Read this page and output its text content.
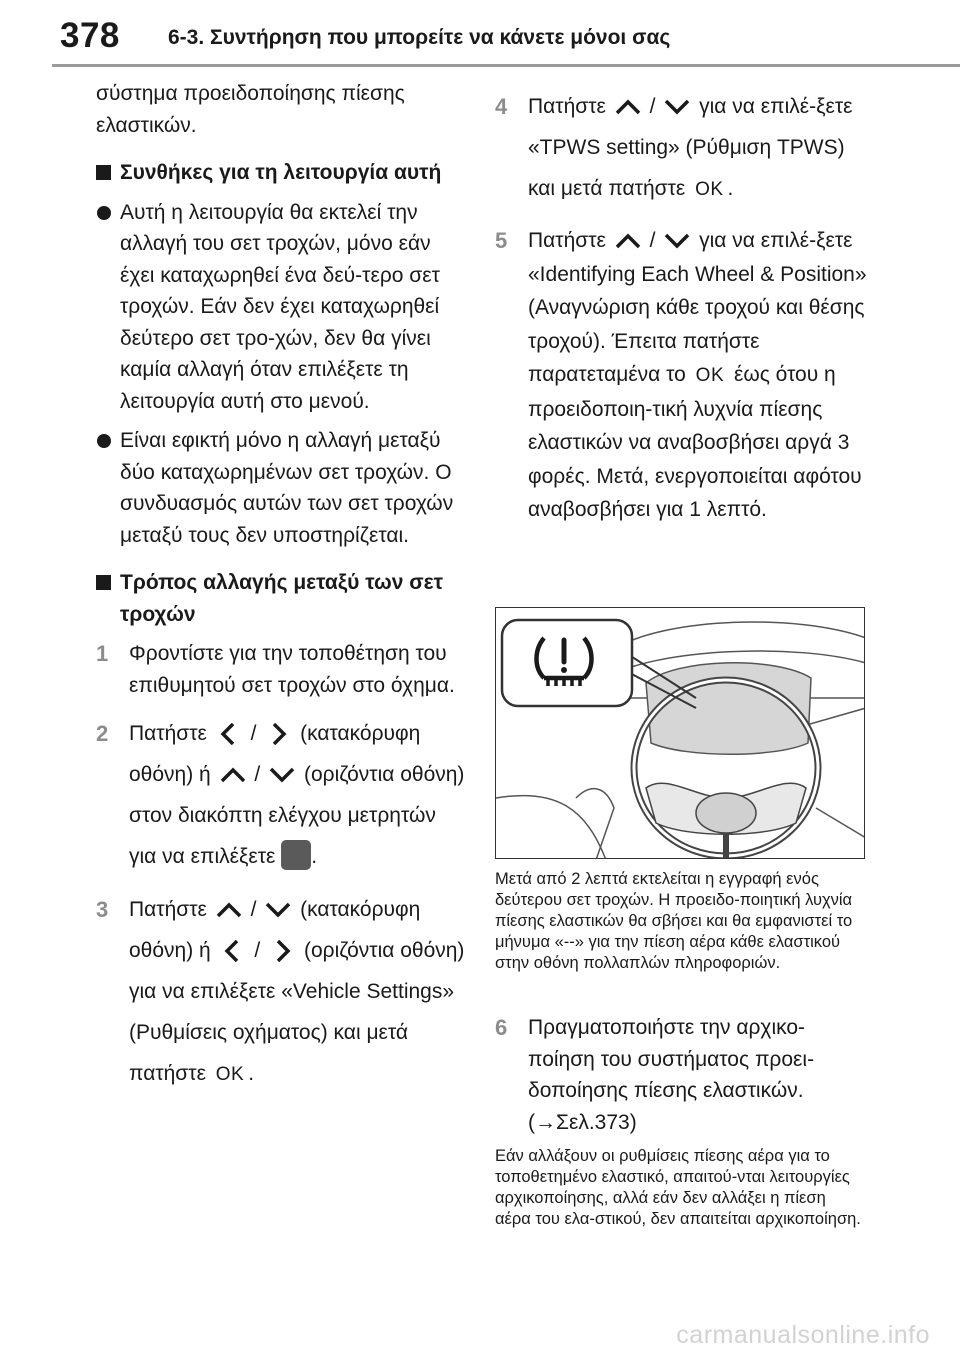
378 6-3. Συντήρηση που μπορείτε να κάνετε μόνοι σας

σύστημα προειδοποίησης πίεσης ελαστικών.

Συνθήκες για τη λειτουργία αυτή

Αυτή η λειτουργία θα εκτελεί την αλλαγή του σετ τροχών, μόνο εάν έχει καταχωρηθεί ένα δεύ-τερο σετ τροχών. Εάν δεν έχει καταχωρηθεί δεύτερο σετ τρο-χών, δεν θα γίνει καμία αλλαγή όταν επιλέξετε τη λειτουργία αυτή στο μενού.

Είναι εφικτή μόνο η αλλαγή μεταξύ δύο καταχωρημένων σετ τροχών. Ο συνδυασμός αυτών των σετ τροχών μεταξύ τους δεν υποστηρίζεται.

Τρόπος αλλαγής μεταξύ των σετ τροχών

1 Φροντίστε για την τοποθέτηση του επιθυμητού σετ τροχών στο όχημα.

2 Πατήστε / (κατακόρυφη οθόνη) ή / (οριζόντια οθόνη) στον διακόπτη ελέγχου μετρητών για να επιλέξετε .

3 Πατήστε / (κατακόρυφη οθόνη) ή / (οριζόντια οθόνη) για να επιλέξετε «Vehicle Settings» (Ρυθμίσεις οχήματος) και μετά πατήστε OK .

4 Πατήστε / για να επιλέ-ξετε «TPWS setting» (Ρύθμιση TPWS) και μετά πατήστε OK .

5 Πατήστε / για να επιλέ-ξετε «Identifying Each Wheel & Position» (Αναγνώριση κάθε τροχού και θέσης τροχού). Έπειτα πατήστε παρατεταμένα το OK έως ότου η προειδοποιη-τική λυχνία πίεσης ελαστικών να αναβοσβήσει αργά 3 φορές. Μετά, ενεργοποιείται αφότου αναβοσβήσει για 1 λεπτό.

Μετά από 2 λεπτά εκτελείται η εγγραφή ενός δεύτερου σετ τροχών. Η προειδο-ποιητική λυχνία πίεσης ελαστικών θα σβήσει και θα εμφανιστεί το μήνυμα «--» για την πίεση αέρα κάθε ελαστικού στην οθόνη πολλαπλών πληροφοριών.

6 Πραγματοποιήστε την αρχικο-ποίηση του συστήματος προει-δοποίησης πίεσης ελαστικών.
(→Σελ.373)

Εάν αλλάξουν οι ρυθμίσεις πίεσης αέρα για το τοποθετημένο ελαστικό, απαιτού-νται λειτουργίες αρχικοποίησης, αλλά εάν δεν αλλάξει η πίεση αέρα του ελα-στικού, δεν απαιτείται αρχικοποίηση.

carmanualsonline.info
